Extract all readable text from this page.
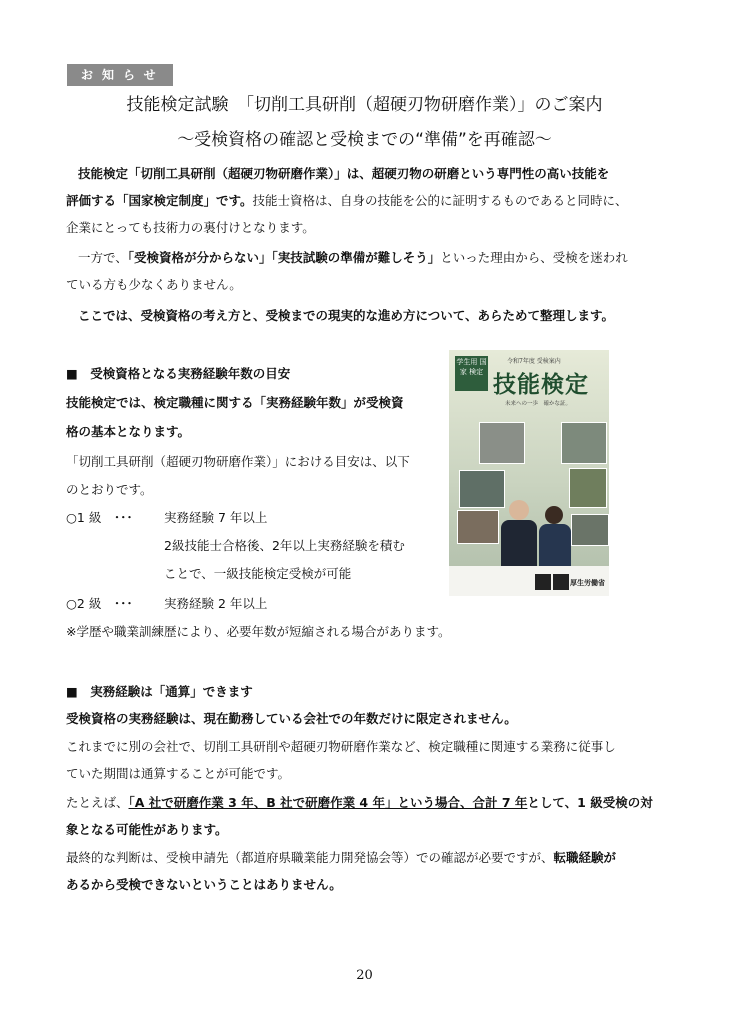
お知らせ
技能検定試験　「切削工具研削（超硬刃物研磨作業）」のご案内
～受検資格の確認と受検までの“準備”を再確認～
技能検定「切削工具研削（超硬刃物研磨作業）」は、超硬刃物の研磨という専門性の高い技能を
評価する「国家検定制度」です。技能士資格は、自身の技能を公的に証明するものであると同時に、
企業にとっても技術力の裏付けとなります。
一方で、「受検資格が分からない」「実技試験の準備が難しそう」といった理由から、受検を迷われ
ている方も少なくありません。
ここでは、受検資格の考え方と、受検までの現実的な進め方について、あらためて整理します。
■　受検資格となる実務経験年数の目安
技能検定では、検定職種に関する「実務経験年数」が受検資
格の基本となります。
「切削工具研削（超硬刃物研磨作業）」における目安は、以下
のとおりです。
○1 級　･･･	実務経験 7 年以上
2級技能士合格後、2年以上実務経験を積む
ことで、一級技能検定受検が可能
○2 級　･･･	実務経験 2 年以上
※学歴や職業訓練歴により、必要年数が短縮される場合があります。
学生用 国家 検定
令和7年度 受検案内
技能検定
未来への一歩　確かな証。
厚生労働省
■　実務経験は「通算」できます
受検資格の実務経験は、現在勤務している会社での年数だけに限定されません。
これまでに別の会社で、切削工具研削や超硬刃物研磨作業など、検定職種に関連する業務に従事し
ていた期間は通算することが可能です。
たとえば、「A 社で研磨作業 3 年、B 社で研磨作業 4 年」という場合、合計 7 年として、1 級受検の対
象となる可能性があります。
最終的な判断は、受検申請先（都道府県職業能力開発協会等）での確認が必要ですが、転職経験が
あるから受検できないということはありません。
20
